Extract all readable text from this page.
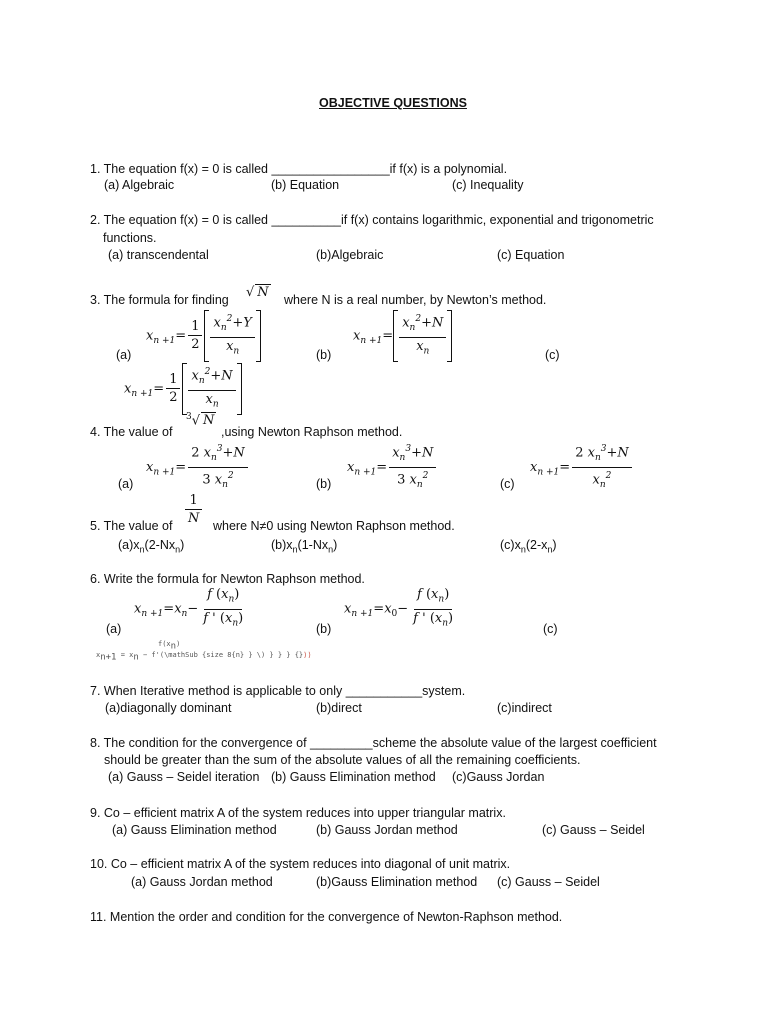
OBJECTIVE QUESTIONS
1. The equation f(x) = 0 is called _________________if f(x) is a polynomial.
(a) Algebraic	(b) Equation	(c) Inequality
2. The equation f(x) = 0 is called __________if f(x) contains logarithmic, exponential and trigonometric
functions.
(a) transcendental	(b)Algebraic	(c) Equation
3. The formula for finding √ N where N is a real number, by Newton’s method.
(a)
$x_{n +1}= \frac{1}{2} \frac{x_n^2+Y}{x_n}$	(b)
$x_{n +1}= \frac{x_n^2+N}{x_n}$	(c)
$x_{n +1}= \frac{1}{2} \frac{x_n^2+N}{x_n}$
4. The value of
$^3$√ N
,using Newton Raphson method.
(a)
$x_{n +1}= \frac{2 x_n^3+N}{3 x_n^2}$	(b)
$x_{n +1}= \frac{x_n^3+N}{3 x_n^2}$	(c)
$x_{n +1}= \frac{2 x_n^3+N}{x_n^2}$
5. The value of $\frac{1}{N}$ where N≠0 using Newton Raphson method.
$(a)x_n(2-Nx_n)$	$(b)x_n(1-Nx_n)$	$(c)x_n(2-x_n)$
6. Write the formula for Newton Raphson method.
(a)
$x_{n +1}=x_n- \frac{f (x_n)}{f ' (x_n)}$	(b)
$x_{n +1}=x_0- \frac{f (x_n)}{f ' (x_n)}$	(c)
$f(x_n)$
$x_{n+1} = x_n$ − f'(\mathSub {size 8{n} } \) } } } {}⟩⟩
7. When Iterative method is applicable to only ___________system.
(a)diagonally dominant	(b)direct	(c)indirect
8. The condition for the convergence of _________scheme the absolute value of the largest coefficient
should be greater than the sum of the absolute values of all the remaining coefficients.
(a) Gauss – Seidel iteration (b) Gauss Elimination method (c)Gauss Jordan
9. Co – efficient matrix A of the system reduces into upper triangular matrix.
(a) Gauss Elimination method	(b) Gauss Jordan method	(c) Gauss – Seidel
10. Co – efficient matrix A of the system reduces into diagonal of unit matrix.
(a) Gauss Jordan method	(b)Gauss Elimination method (c) Gauss – Seidel
11. Mention the order and condition for the convergence of Newton-Raphson method.
